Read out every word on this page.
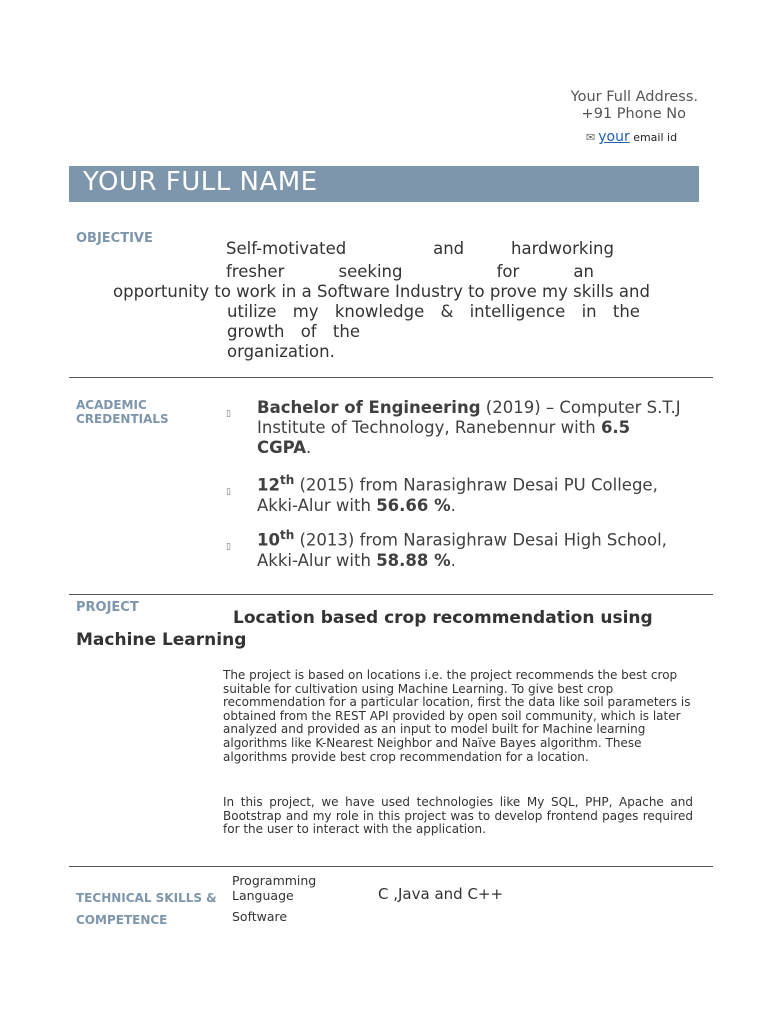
Your Full Address.
+91 Phone No
✉ your email id
YOUR FULL NAME
OBJECTIVE
Self-motivated	and	hardworking
fresher	seeking	for	an
opportunity to work in a Software Industry to prove my skills and
utilize my knowledge & intelligence in the
growth of the
organization.
ACADEMIC
CREDENTIALS	▯ Bachelor of Engineering (2019) – Computer S.T.J Institute of Technology, Ranebennur with 6.5 CGPA.
▯ 12th (2015) from Narasighraw Desai PU College, Akki-Alur with 56.66 %.
▯ 10th (2013) from Narasighraw Desai High School, Akki-Alur with 58.88 %.
PROJECT
Location based crop recommendation using
Machine Learning
The project is based on locations i.e. the project recommends the best crop suitable for cultivation using Machine Learning. To give best crop recommendation for a particular location, first the data like soil parameters is obtained from the REST API provided by open soil community, which is later analyzed and provided as an input to model built for Machine learning algorithms like K-Nearest Neighbor and Naïve Bayes algorithm. These algorithms provide best crop recommendation for a location.
In this project, we have used technologies like My SQL, PHP, Apache and Bootstrap and my role in this project was to develop frontend pages required for the user to interact with the application.
TECHNICAL SKILLS &
COMPETENCE
Programming Language	C ,Java and C++
Software
